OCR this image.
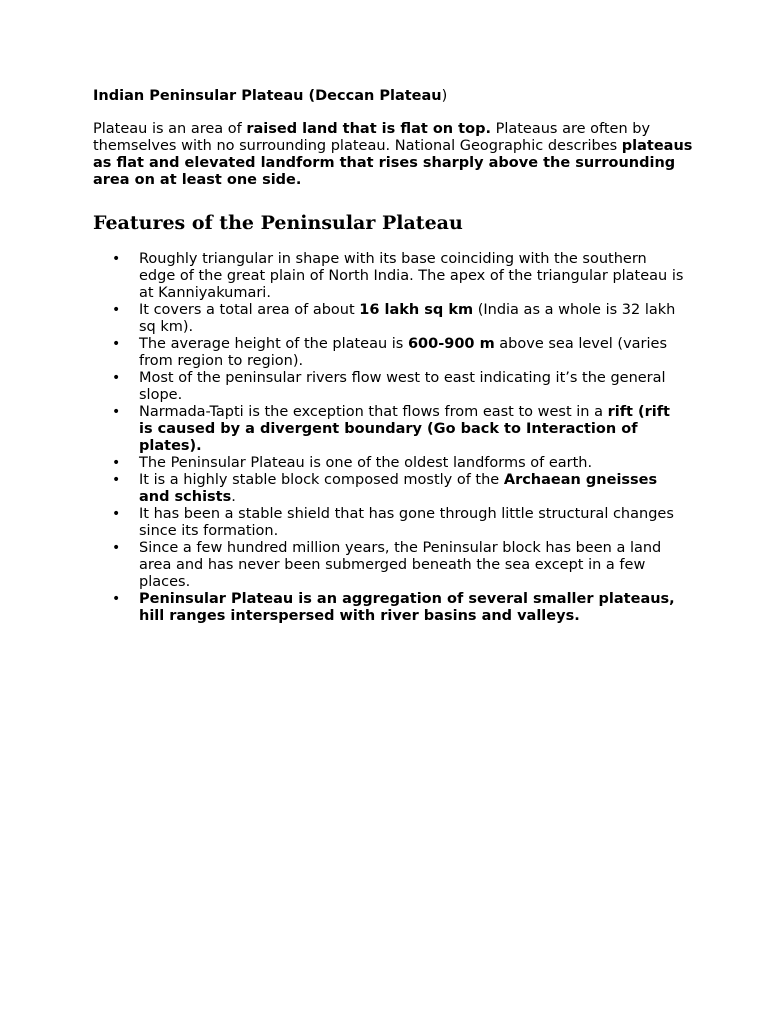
Indian Peninsular Plateau (Deccan Plateau)

Plateau is an area of raised land that is flat on top. Plateaus are often by themselves with no surrounding plateau. National Geographic describes plateaus as flat and elevated landform that rises sharply above the surrounding area on at least one side.

Features of the Peninsular Plateau
• Roughly triangular in shape with its base coinciding with the southern edge of the great plain of North India. The apex of the triangular plateau is at Kanniyakumari.
• It covers a total area of about 16 lakh sq km (India as a whole is 32 lakh sq km).
• The average height of the plateau is 600-900 m above sea level (varies from region to region).
• Most of the peninsular rivers flow west to east indicating it’s the general slope.
• Narmada-Tapti is the exception that flows from east to west in a rift (rift is caused by a divergent boundary (Go back to Interaction of plates).
• The Peninsular Plateau is one of the oldest landforms of earth.
• It is a highly stable block composed mostly of the Archaean gneisses and schists.
• It has been a stable shield that has gone through little structural changes since its formation.
• Since a few hundred million years, the Peninsular block has been a land area and has never been submerged beneath the sea except in a few places.
• Peninsular Plateau is an aggregation of several smaller plateaus, hill ranges interspersed with river basins and valleys.
